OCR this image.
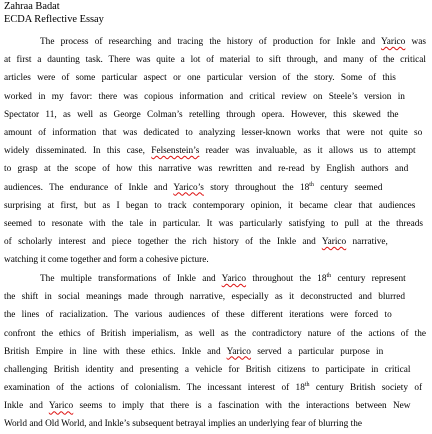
Zahraa Badat
ECDA Reflective Essay
The process of researching and tracing the history of production for Inkle and Yarico was
at first a daunting task. There was quite a lot of material to sift through, and many of the critical
articles were of some particular aspect or one particular version of the story. Some of this
worked in my favor: there was copious information and critical review on Steele’s version in
Spectator 11, as well as George Colman’s retelling through opera. However, this skewed the
amount of information that was dedicated to analyzing lesser-known works that were not quite so
widely disseminated. In this case, Felsenstein’s reader was invaluable, as it allows us to attempt
to grasp at the scope of how this narrative was rewritten and re-read by English authors and
audiences. The endurance of Inkle and Yarico’s story throughout the 18th century seemed
surprising at first, but as I began to track contemporary opinion, it became clear that audiences
seemed to resonate with the tale in particular. It was particularly satisfying to pull at the threads
of scholarly interest and piece together the rich history of the Inkle and Yarico narrative,
watching it come together and form a cohesive picture.
The multiple transformations of Inkle and Yarico throughout the 18th century represent
the shift in social meanings made through narrative, especially as it deconstructed and blurred
the lines of racialization. The various audiences of these different iterations were forced to
confront the ethics of British imperialism, as well as the contradictory nature of the actions of the
British Empire in line with these ethics. Inkle and Yarico served a particular purpose in
challenging British identity and presenting a vehicle for British citizens to participate in critical
examination of the actions of colonialism. The incessant interest of 18th century British society of
Inkle and Yarico seems to imply that there is a fascination with the interactions between New
World and Old World, and Inkle’s subsequent betrayal implies an underlying fear of blurring the
